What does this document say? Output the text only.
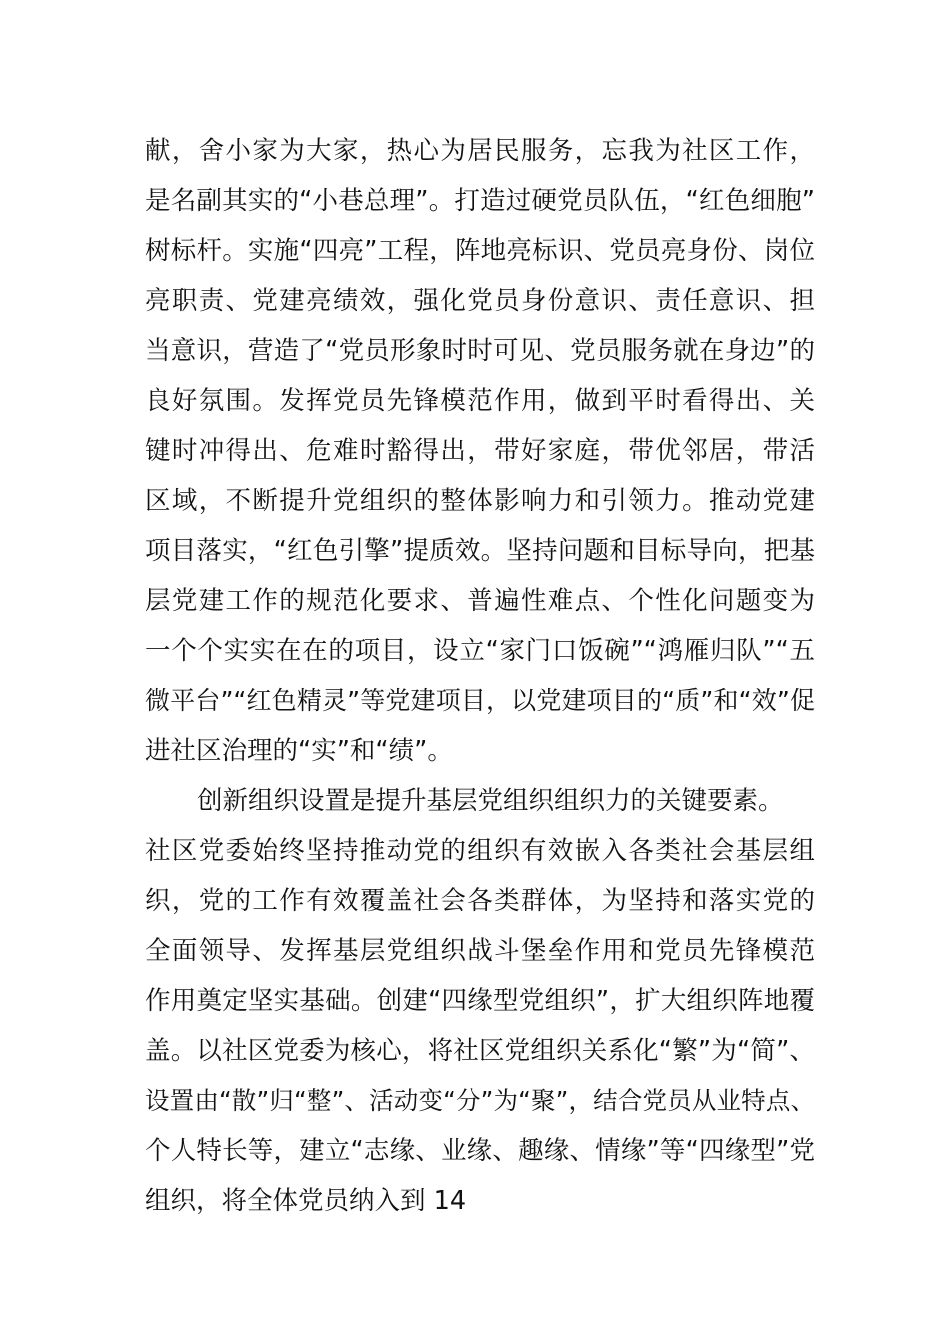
献，舍小家为大家，热心为居民服务，忘我为社区工作，
是名副其实的“小巷总理”。打造过硬党员队伍，“红色细胞”
树标杆。实施“四亮”工程，阵地亮标识、党员亮身份、岗位
亮职责、党建亮绩效，强化党员身份意识、责任意识、担
当意识，营造了“党员形象时时可见、党员服务就在身边”的
良好氛围。发挥党员先锋模范作用，做到平时看得出、关
键时冲得出、危难时豁得出，带好家庭，带优邻居，带活
区域，不断提升党组织的整体影响力和引领力。推动党建
项目落实，“红色引擎”提质效。坚持问题和目标导向，把基
层党建工作的规范化要求、普遍性难点、个性化问题变为
一个个实实在在的项目，设立“家门口饭碗”“鸿雁归队”“五
微平台”“红色精灵”等党建项目，以党建项目的“质”和“效”促
进社区治理的“实”和“绩”。
创新组织设置是提升基层党组织组织力的关键要素。
社区党委始终坚持推动党的组织有效嵌入各类社会基层组
织，党的工作有效覆盖社会各类群体，为坚持和落实党的
全面领导、发挥基层党组织战斗堡垒作用和党员先锋模范
作用奠定坚实基础。创建“四缘型党组织”，扩大组织阵地覆
盖。以社区党委为核心，将社区党组织关系化“繁”为“简”、
设置由“散”归“整”、活动变“分”为“聚”，结合党员从业特点、
个人特长等，建立“志缘、业缘、趣缘、情缘”等“四缘型”党
组织，将全体党员纳入到 14
